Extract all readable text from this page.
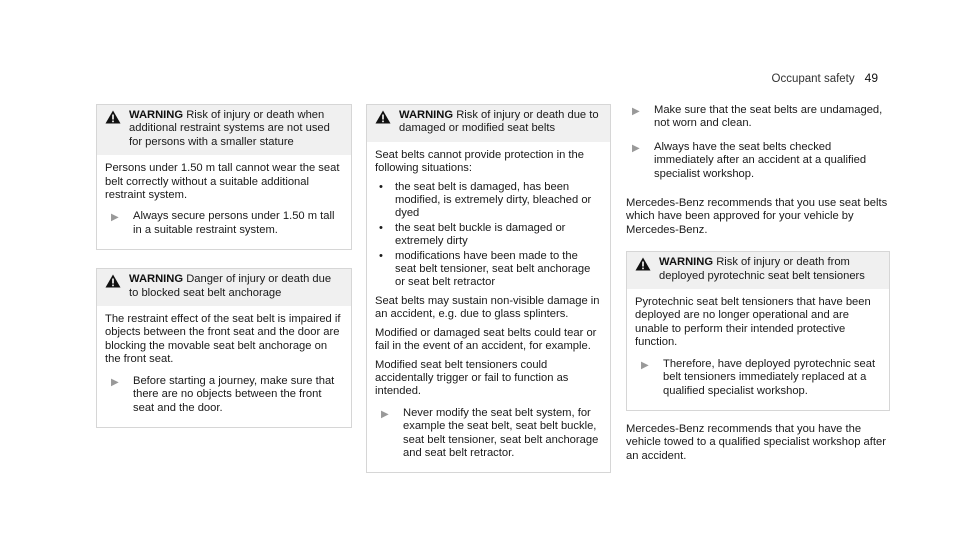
Occupant safety 49
WARNING Risk of injury or death when additional restraint systems are not used for persons with a smaller stature

Persons under 1.50 m tall cannot wear the seat belt correctly without a suitable additional restraint system.

▶	Always secure persons under 1.50 m tall in a suitable restraint system.
WARNING Danger of injury or death due to blocked seat belt anchorage

The restraint effect of the seat belt is impaired if objects between the front seat and the door are blocking the movable seat belt anchorage on the front seat.

▶	Before starting a journey, make sure that there are no objects between the front seat and the door.
WARNING Risk of injury or death due to damaged or modified seat belts

Seat belts cannot provide protection in the following situations:

•
the seat belt is damaged, has been modified, is extremely dirty, bleached or dyed
•
the seat belt buckle is damaged or extremely dirty
•
modifications have been made to the seat belt tensioner, seat belt anchorage or seat belt retractor

Seat belts may sustain non-visible damage in an accident, e.g. due to glass splinters.

Modified or damaged seat belts could tear or fail in the event of an accident, for example.

Modified seat belt tensioners could accidentally trigger or fail to function as intended.

▶	Never modify the seat belt system, for example the seat belt, seat belt buckle, seat belt tensioner, seat belt anchorage and seat belt retractor.
▶	Make sure that the seat belts are undamaged, not worn and clean.
▶	Always have the seat belts checked immediately after an accident at a qualified specialist workshop.

Mercedes-Benz recommends that you use seat belts which have been approved for your vehicle by Mercedes-Benz.

WARNING Risk of injury or death from deployed pyrotechnic seat belt tensioners

Pyrotechnic seat belt tensioners that have been deployed are no longer operational and are unable to perform their intended protective function.

▶	Therefore, have deployed pyrotechnic seat belt tensioners immediately replaced at a qualified specialist workshop.

Mercedes-Benz recommends that you have the vehicle towed to a qualified specialist workshop after an accident.
